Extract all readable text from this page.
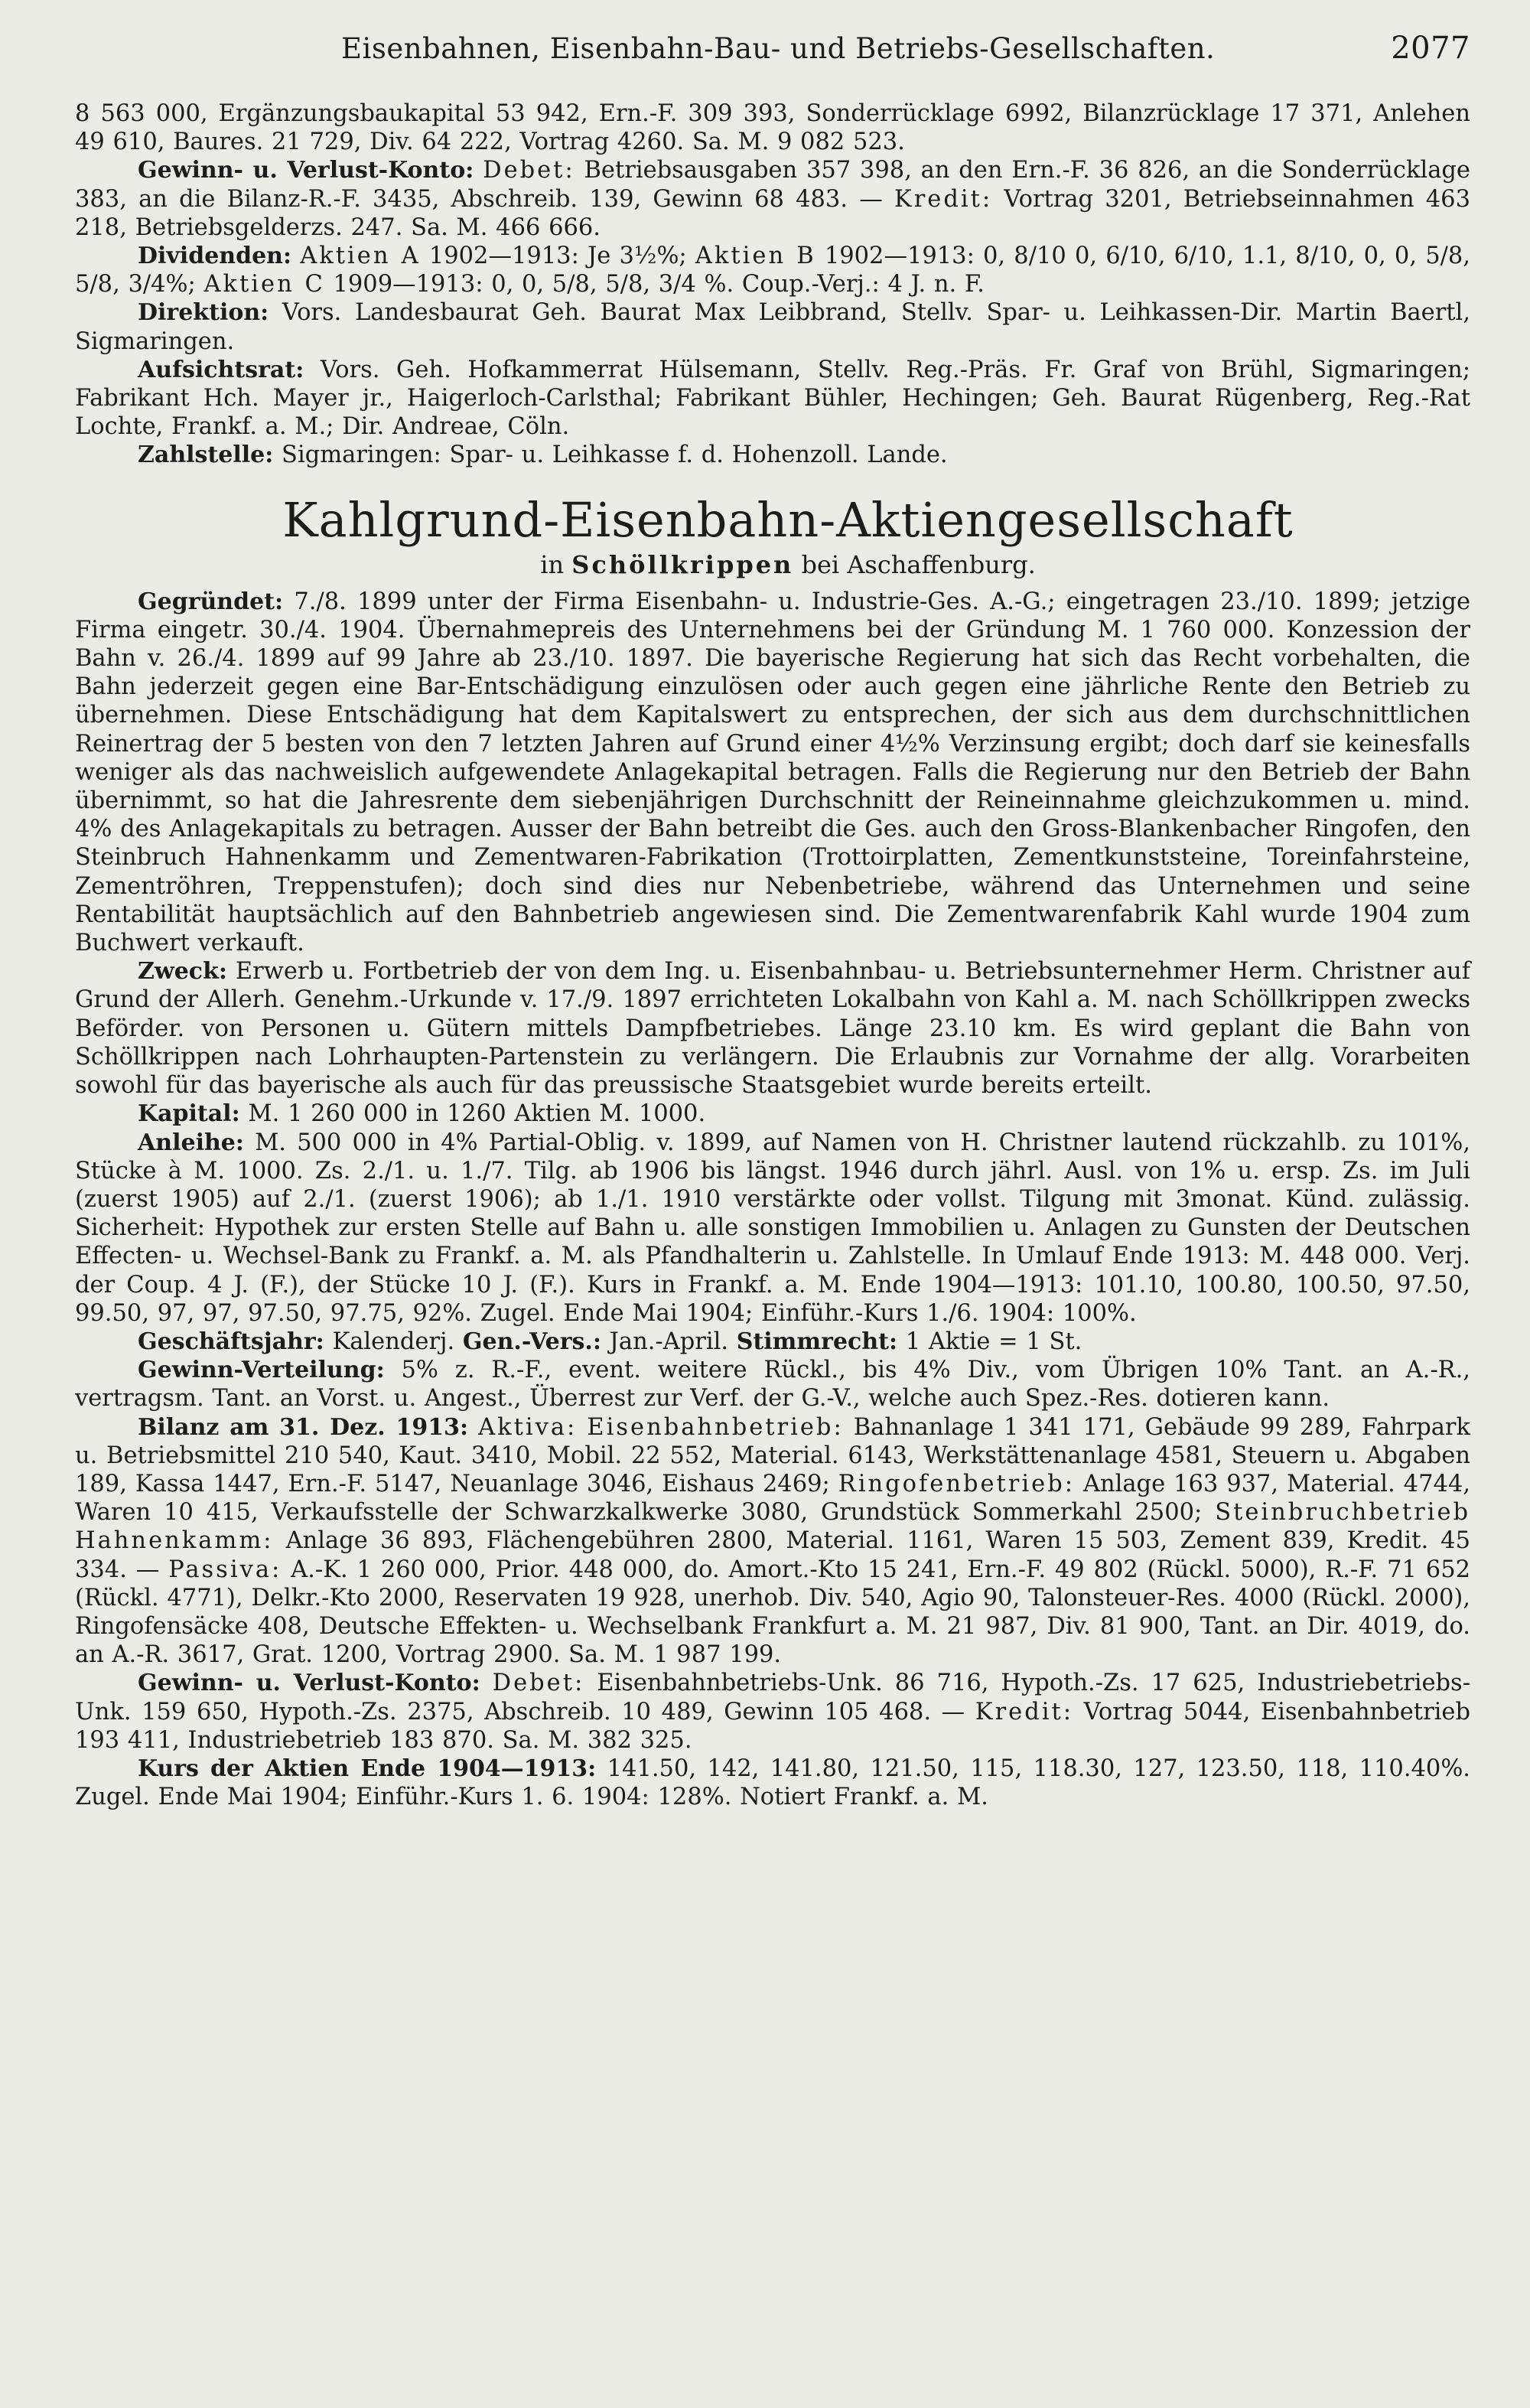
Eisenbahnen, Eisenbahn-Bau- und Betriebs-Gesellschaften.	2077

8 563 000, Ergänzungsbaukapital 53 942, Ern.-F. 309 393, Sonderrücklage 6992, Bilanzrücklage 17 371, Anlehen 49 610, Baures. 21 729, Div. 64 222, Vortrag 4260. Sa. M. 9 082 523.

Gewinn- u. Verlust-Konto: Debet: Betriebsausgaben 357 398, an den Ern.-F. 36 826, an die Sonderrücklage 383, an die Bilanz-R.-F. 3435, Abschreib. 139, Gewinn 68 483. — Kredit: Vortrag 3201, Betriebseinnahmen 463 218, Betriebsgelderzs. 247. Sa. M. 466 666.

Dividenden: Aktien A 1902—1913: Je 3½%; Aktien B 1902—1913: 0, 8/10 0, 6/10, 6/10, 1.1, 8/10, 0, 0, 5/8, 5/8, 3/4%; Aktien C 1909—1913: 0, 0, 5/8, 5/8, 3/4 %. Coup.-Verj.: 4 J. n. F.

Direktion: Vors. Landesbaurat Geh. Baurat Max Leibbrand, Stellv. Spar- u. Leihkassen-Dir. Martin Baertl, Sigmaringen.

Aufsichtsrat: Vors. Geh. Hofkammerrat Hülsemann, Stellv. Reg.-Präs. Fr. Graf von Brühl, Sigmaringen; Fabrikant Hch. Mayer jr., Haigerloch-Carlsthal; Fabrikant Bühler, Hechingen; Geh. Baurat Rügenberg, Reg.-Rat Lochte, Frankf. a. M.; Dir. Andreae, Cöln.

Zahlstelle: Sigmaringen: Spar- u. Leihkasse f. d. Hohenzoll. Lande.

Kahlgrund-Eisenbahn-Aktiengesellschaft
in Schöllkrippen bei Aschaffenburg.

Gegründet: 7./8. 1899 unter der Firma Eisenbahn- u. Industrie-Ges. A.-G.; eingetragen 23./10. 1899; jetzige Firma eingetr. 30./4. 1904. Übernahmepreis des Unternehmens bei der Gründung M. 1 760 000. Konzession der Bahn v. 26./4. 1899 auf 99 Jahre ab 23./10. 1897. Die bayerische Regierung hat sich das Recht vorbehalten, die Bahn jederzeit gegen eine Bar-Entschädigung einzulösen oder auch gegen eine jährliche Rente den Betrieb zu übernehmen. Diese Entschädigung hat dem Kapitalswert zu entsprechen, der sich aus dem durchschnittlichen Reinertrag der 5 besten von den 7 letzten Jahren auf Grund einer 4½% Verzinsung ergibt; doch darf sie keinesfalls weniger als das nachweislich aufgewendete Anlagekapital betragen. Falls die Regierung nur den Betrieb der Bahn übernimmt, so hat die Jahresrente dem siebenjährigen Durchschnitt der Reineinnahme gleichzukommen u. mind. 4% des Anlagekapitals zu betragen. Ausser der Bahn betreibt die Ges. auch den Gross-Blankenbacher Ringofen, den Steinbruch Hahnenkamm und Zementwaren-Fabrikation (Trottoirplatten, Zementkunststeine, Toreinfahrsteine, Zementröhren, Treppenstufen); doch sind dies nur Nebenbetriebe, während das Unternehmen und seine Rentabilität hauptsächlich auf den Bahnbetrieb angewiesen sind. Die Zementwarenfabrik Kahl wurde 1904 zum Buchwert verkauft.

Zweck: Erwerb u. Fortbetrieb der von dem Ing. u. Eisenbahnbau- u. Betriebsunternehmer Herm. Christner auf Grund der Allerh. Genehm.-Urkunde v. 17./9. 1897 errichteten Lokalbahn von Kahl a. M. nach Schöllkrippen zwecks Beförder. von Personen u. Gütern mittels Dampfbetriebes. Länge 23.10 km. Es wird geplant die Bahn von Schöllkrippen nach Lohrhaupten-Partenstein zu verlängern. Die Erlaubnis zur Vornahme der allg. Vorarbeiten sowohl für das bayerische als auch für das preussische Staatsgebiet wurde bereits erteilt.

Kapital: M. 1 260 000 in 1260 Aktien M. 1000.

Anleihe: M. 500 000 in 4% Partial-Oblig. v. 1899, auf Namen von H. Christner lautend rückzahlb. zu 101%, Stücke à M. 1000. Zs. 2./1. u. 1./7. Tilg. ab 1906 bis längst. 1946 durch jährl. Ausl. von 1% u. ersp. Zs. im Juli (zuerst 1905) auf 2./1. (zuerst 1906); ab 1./1. 1910 verstärkte oder vollst. Tilgung mit 3monat. Künd. zulässig. Sicherheit: Hypothek zur ersten Stelle auf Bahn u. alle sonstigen Immobilien u. Anlagen zu Gunsten der Deutschen Effecten- u. Wechsel-Bank zu Frankf. a. M. als Pfandhalterin u. Zahlstelle. In Umlauf Ende 1913: M. 448 000. Verj. der Coup. 4 J. (F.), der Stücke 10 J. (F.). Kurs in Frankf. a. M. Ende 1904—1913: 101.10, 100.80, 100.50, 97.50, 99.50, 97, 97, 97.50, 97.75, 92%. Zugel. Ende Mai 1904; Einführ.-Kurs 1./6. 1904: 100%.

Geschäftsjahr: Kalenderj. Gen.-Vers.: Jan.-April. Stimmrecht: 1 Aktie = 1 St.

Gewinn-Verteilung: 5% z. R.-F., event. weitere Rückl., bis 4% Div., vom Übrigen 10% Tant. an A.-R., vertragsm. Tant. an Vorst. u. Angest., Überrest zur Verf. der G.-V., welche auch Spez.-Res. dotieren kann.

Bilanz am 31. Dez. 1913: Aktiva: Eisenbahnbetrieb: Bahnanlage 1 341 171, Gebäude 99 289, Fahrpark u. Betriebsmittel 210 540, Kaut. 3410, Mobil. 22 552, Material. 6143, Werkstättenanlage 4581, Steuern u. Abgaben 189, Kassa 1447, Ern.-F. 5147, Neuanlage 3046, Eishaus 2469; Ringofenbetrieb: Anlage 163 937, Material. 4744, Waren 10 415, Verkaufsstelle der Schwarzkalkwerke 3080, Grundstück Sommerkahl 2500; Steinbruchbetrieb Hahnenkamm: Anlage 36 893, Flächengebühren 2800, Material. 1161, Waren 15 503, Zement 839, Kredit. 45 334. — Passiva: A.-K. 1 260 000, Prior. 448 000, do. Amort.-Kto 15 241, Ern.-F. 49 802 (Rückl. 5000), R.-F. 71 652 (Rückl. 4771), Delkr.-Kto 2000, Reservaten 19 928, unerhob. Div. 540, Agio 90, Talonsteuer-Res. 4000 (Rückl. 2000), Ringofensäcke 408, Deutsche Effekten- u. Wechselbank Frankfurt a. M. 21 987, Div. 81 900, Tant. an Dir. 4019, do. an A.-R. 3617, Grat. 1200, Vortrag 2900. Sa. M. 1 987 199.

Gewinn- u. Verlust-Konto: Debet: Eisenbahnbetriebs-Unk. 86 716, Hypoth.-Zs. 17 625, Industriebetriebs-Unk. 159 650, Hypoth.-Zs. 2375, Abschreib. 10 489, Gewinn 105 468. — Kredit: Vortrag 5044, Eisenbahnbetrieb 193 411, Industriebetrieb 183 870. Sa. M. 382 325.

Kurs der Aktien Ende 1904—1913: 141.50, 142, 141.80, 121.50, 115, 118.30, 127, 123.50, 118, 110.40%. Zugel. Ende Mai 1904; Einführ.-Kurs 1. 6. 1904: 128%. Notiert Frankf. a. M.
